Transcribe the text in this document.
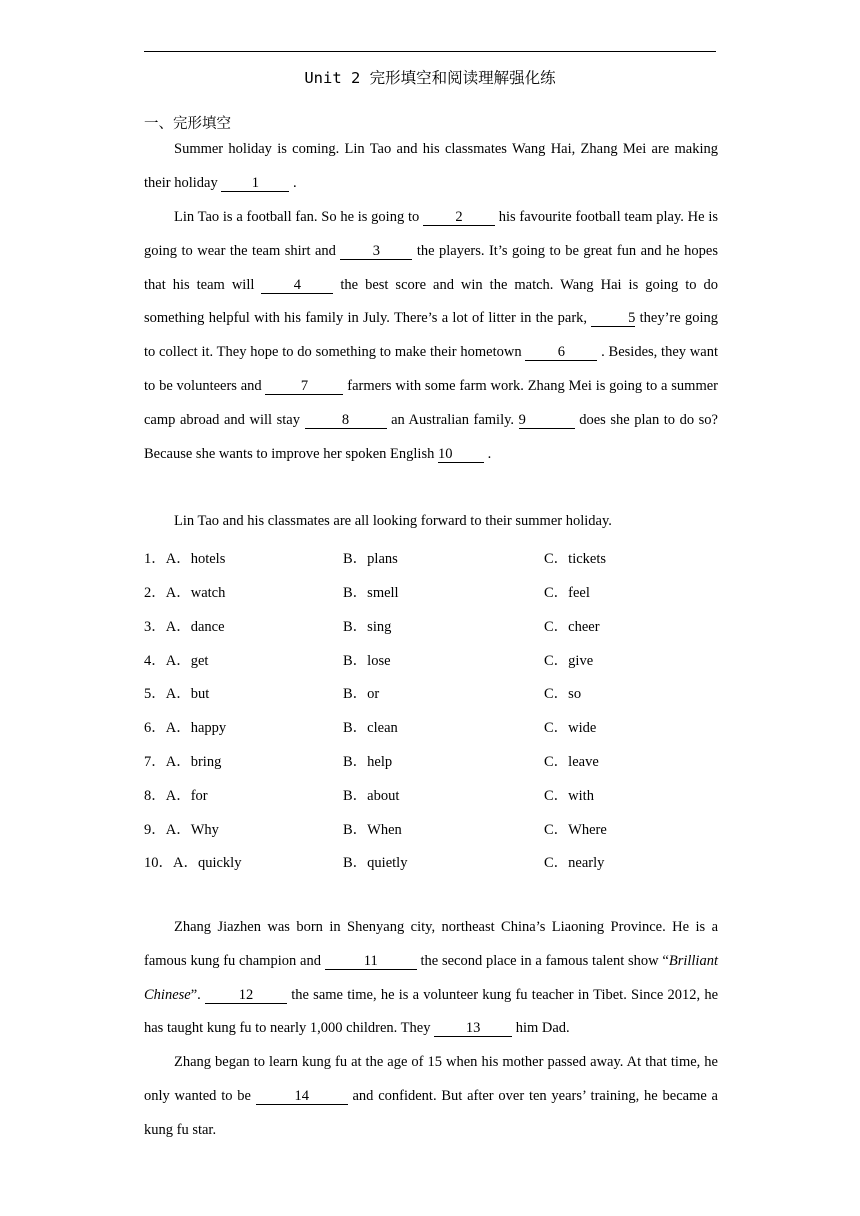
Unit 2 完形填空和阅读理解强化练
一、完形填空

Summer holiday is coming. Lin Tao and his classmates Wang Hai, Zhang Mei are making their holiday 1 .

Lin Tao is a football fan. So he is going to 2 his favourite football team play. He is going to wear the team shirt and 3 the players. It’s going to be great fun and he hopes that his team will 4 the best score and win the match. Wang Hai is going to do something helpful with his family in July. There’s a lot of litter in the park,	5 they’re going to collect it. They hope to do something to make their hometown 6 . Besides, they want to be volunteers and 7 farmers with some farm work. Zhang Mei is going to a summer camp abroad and will stay	8	an Australian family. 9	does she plan to do so? Because she wants to improve her spoken English 10 .

Lin Tao and his classmates are all looking forward to their summer holiday.

1．A．hotels	B．plans	C．tickets
2．A．watch	B．smell	C．feel
3．A．dance	B．sing	C．cheer
4．A．get	B．lose	C．give
5．A．but	B．or	C．so
6．A．happy	B．clean	C．wide
7．A．bring	B．help	C．leave
8．A．for	B．about	C．with
9．A．Why	B．When	C．Where
10．A．quickly	B．quietly	C．nearly

Zhang Jiazhen was born in Shenyang city, northeast China’s Liaoning Province. He is a famous kung fu champion and	11	the second place in a famous talent show “Brilliant Chinese”. 12 the same time, he is a volunteer kung fu teacher in Tibet. Since 2012, he has taught kung fu to nearly 1,000 children. They 13 him Dad.

Zhang began to learn kung fu at the age of 15 when his mother passed away. At that time, he only wanted to be	14	and confident. But after over ten years’ training, he became a kung fu star.
